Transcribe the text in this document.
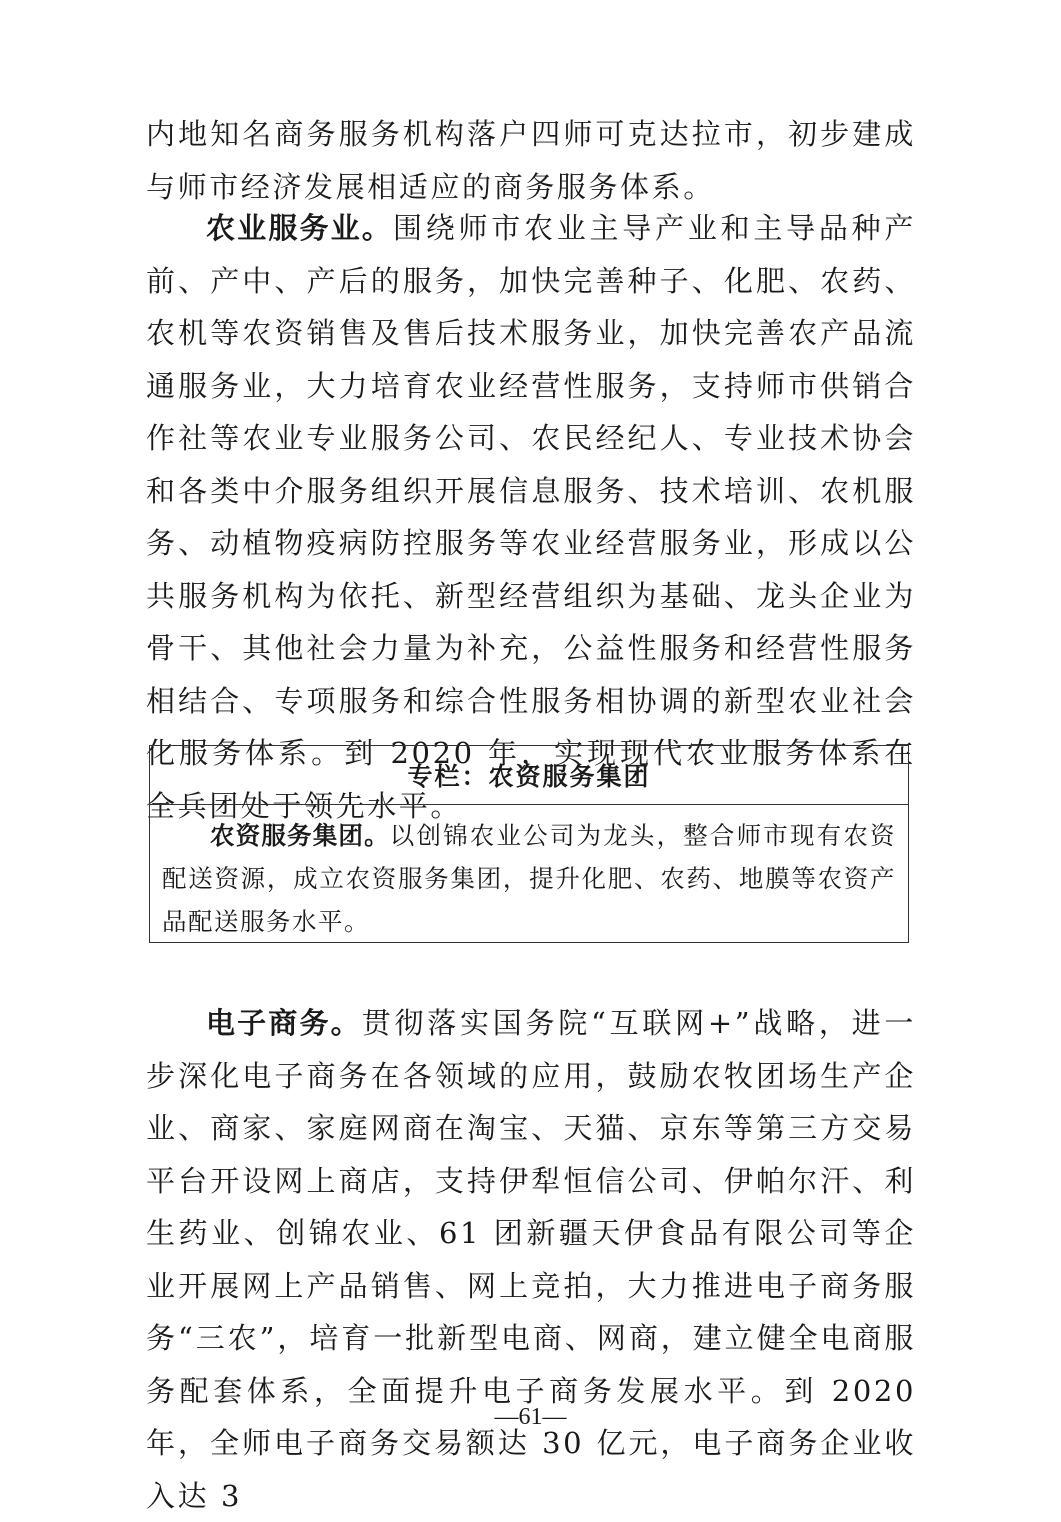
内地知名商务服务机构落户四师可克达拉市，初步建成与师市经济发展相适应的商务服务体系。

农业服务业。围绕师市农业主导产业和主导品种产前、产中、产后的服务，加快完善种子、化肥、农药、农机等农资销售及售后技术服务业，加快完善农产品流通服务业，大力培育农业经营性服务，支持师市供销合作社等农业专业服务公司、农民经纪人、专业技术协会和各类中介服务组织开展信息服务、技术培训、农机服务、动植物疫病防控服务等农业经营服务业，形成以公共服务机构为依托、新型经营组织为基础、龙头企业为骨干、其他社会力量为补充，公益性服务和经营性服务相结合、专项服务和综合性服务相协调的新型农业社会化服务体系。到 2020 年，实现现代农业服务体系在全兵团处于领先水平。

专栏：农资服务集团
农资服务集团。以创锦农业公司为龙头，整合师市现有农资配送资源，成立农资服务集团，提升化肥、农药、地膜等农资产品配送服务水平。

电子商务。贯彻落实国务院“互联网+”战略，进一步深化电子商务在各领域的应用，鼓励农牧团场生产企业、商家、家庭网商在淘宝、天猫、京东等第三方交易平台开设网上商店，支持伊犁恒信公司、伊帕尔汗、利生药业、创锦农业、61 团新疆天伊食品有限公司等企业开展网上产品销售、网上竞拍，大力推进电子商务服务“三农”，培育一批新型电商、网商，建立健全电商服务配套体系，全面提升电子商务发展水平。到 2020 年，全师电子商务交易额达 30 亿元，电子商务企业收入达 3

—61—
